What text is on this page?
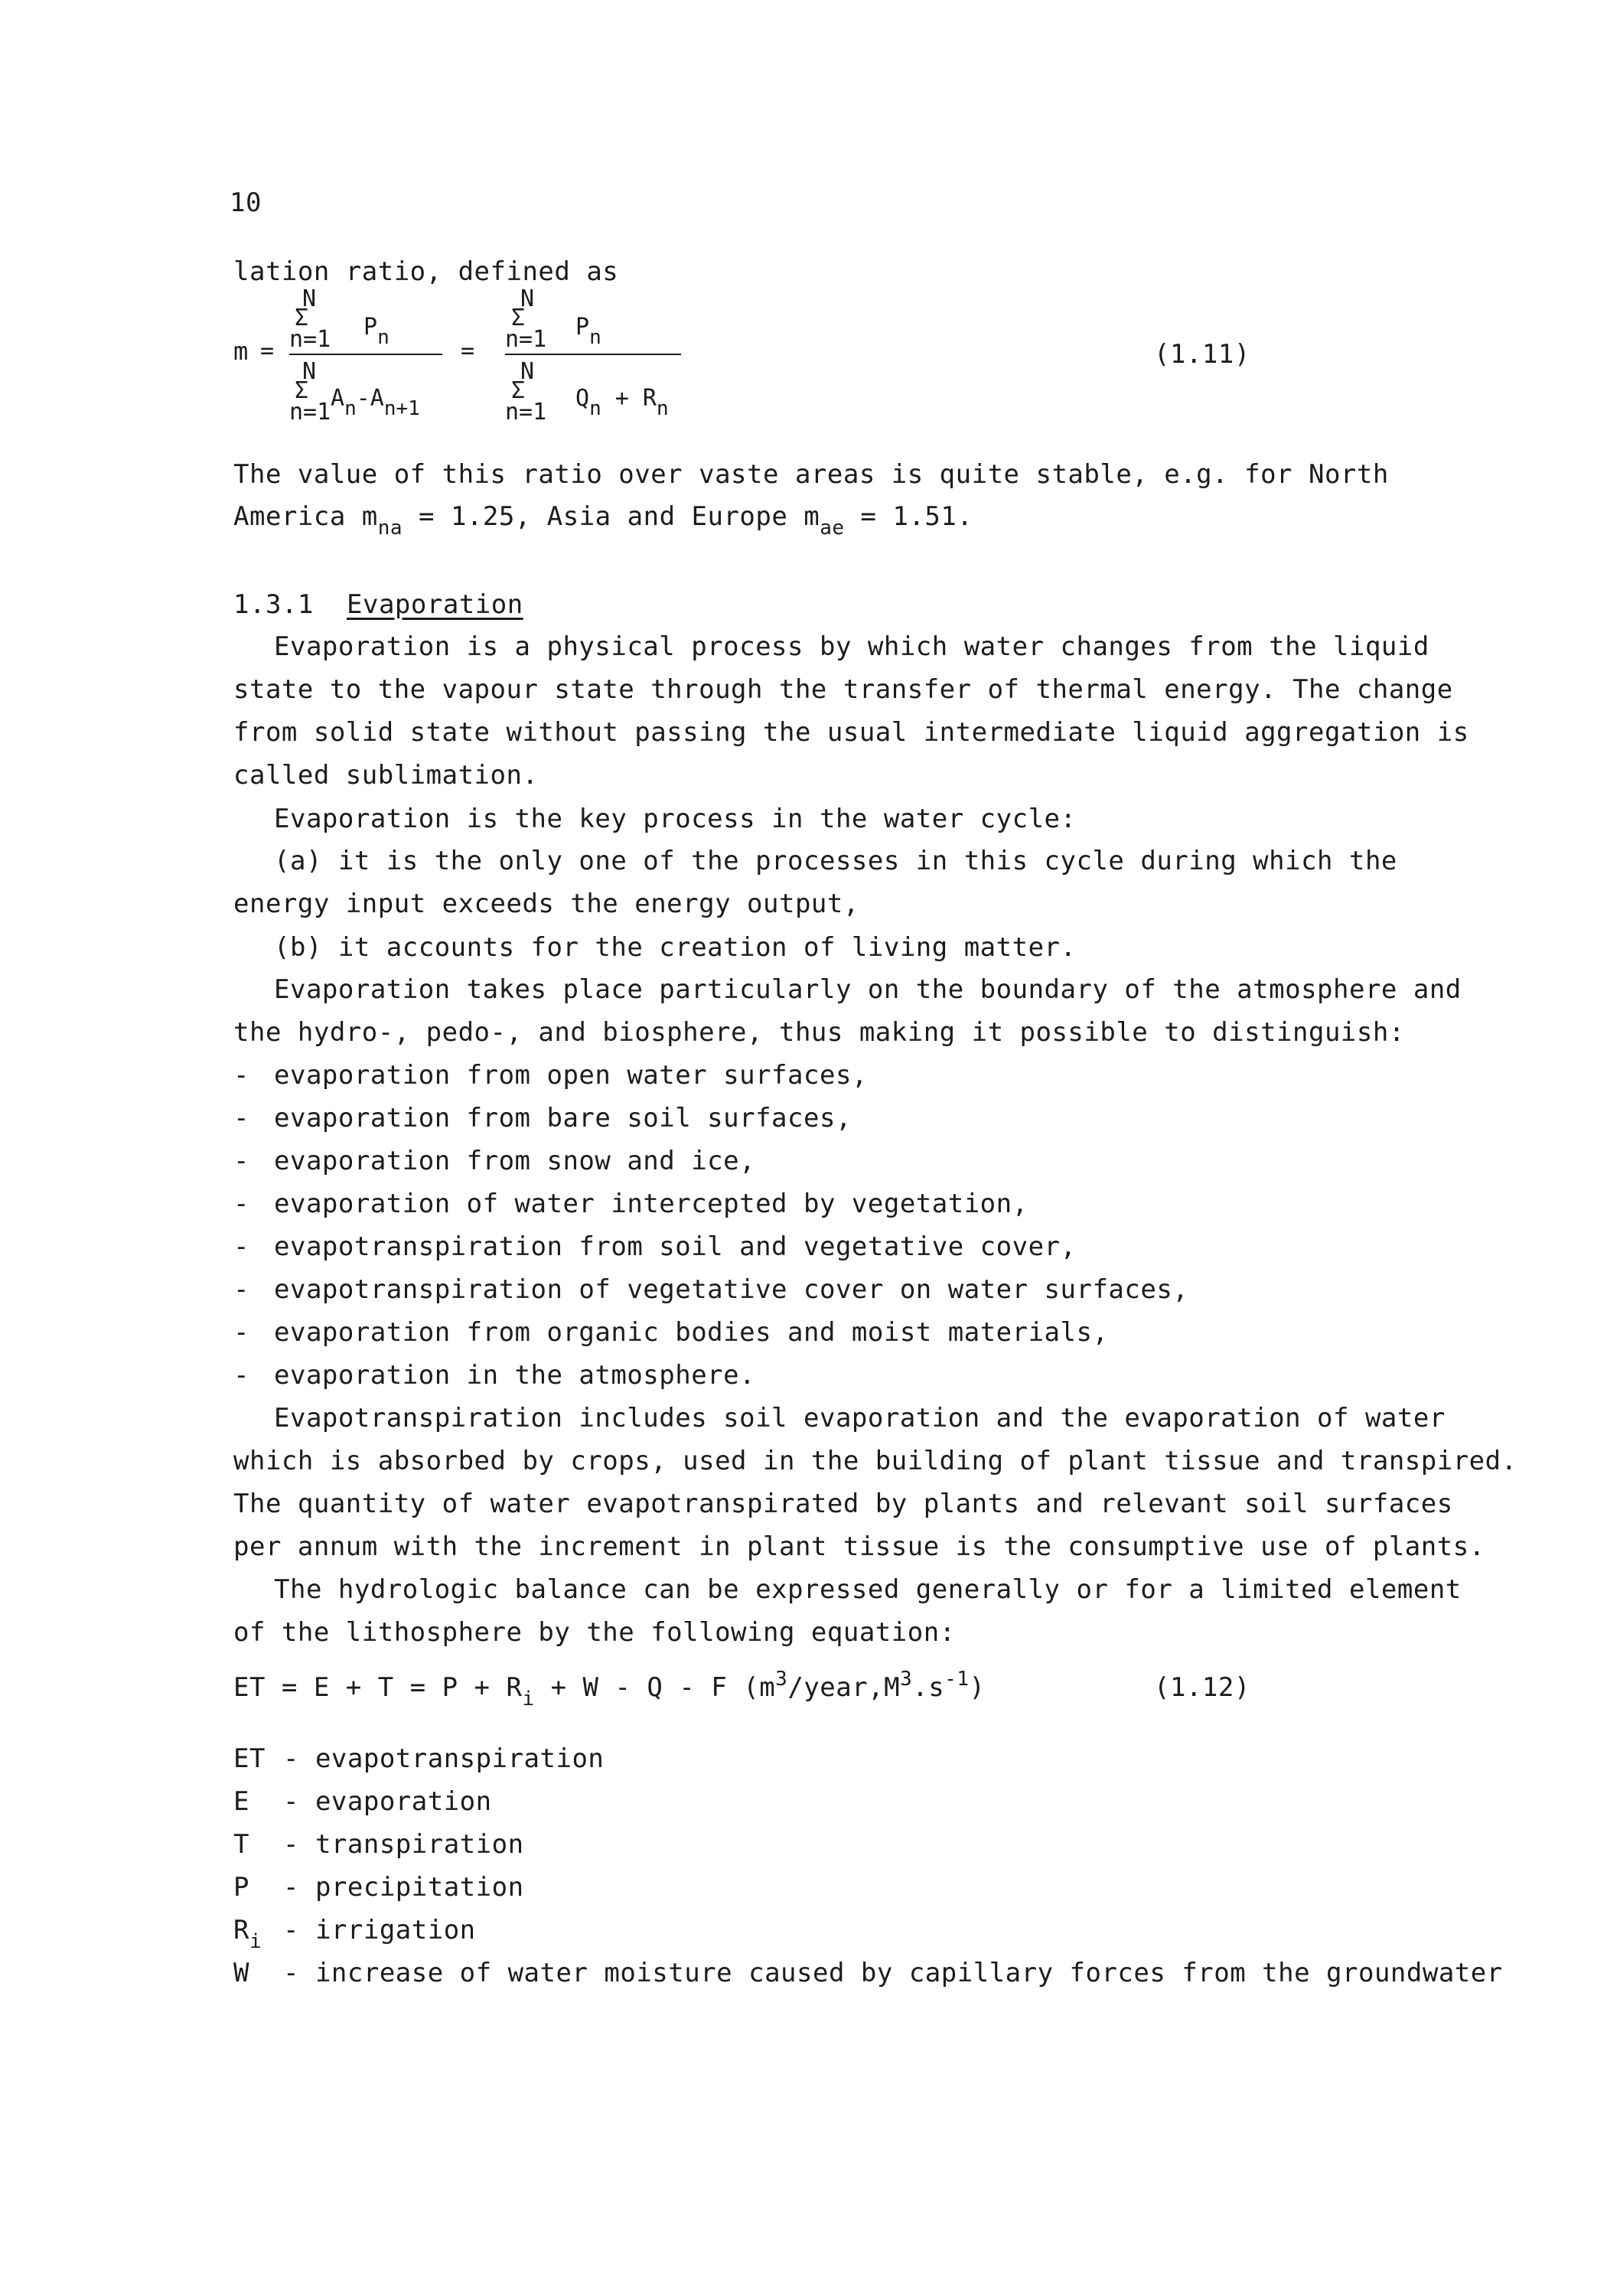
10
lation ratio, defined as
m =
N
Σ
n=1 Pn
N
Σ
n=1
An-An+1
=
N
Σ
n=1 Pn
N
Σ
n=1
Qn + Rn
(1.11)
The value of this ratio over vaste areas is quite stable, e.g. for North
America $m_{na} = 1.25$, Asia and Europe $m_{ae} = 1.51$.
1.3.1 Evaporation
Evaporation is a physical process by which water changes from the liquid
state to the vapour state through the transfer of thermal energy. The change
from solid state without passing the usual intermediate liquid aggregation is
called sublimation.
Evaporation is the key process in the water cycle:
(a) it is the only one of the processes in this cycle during which the
energy input exceeds the energy output,
(b) it accounts for the creation of living matter.
Evaporation takes place particularly on the boundary of the atmosphere and
the hydro-, pedo-, and biosphere, thus making it possible to distinguish:
- evaporation from open water surfaces,
- evaporation from bare soil surfaces,
- evaporation from snow and ice,
- evaporation of water intercepted by vegetation,
- evapotranspiration from soil and vegetative cover,
- evapotranspiration of vegetative cover on water surfaces,
- evaporation from organic bodies and moist materials,
- evaporation in the atmosphere.
Evapotranspiration includes soil evaporation and the evaporation of water
which is absorbed by crops, used in the building of plant tissue and transpired.
The quantity of water evapotranspirated by plants and relevant soil surfaces
per annum with the increment in plant tissue is the consumptive use of plants.
The hydrologic balance can be expressed generally or for a limited element
of the lithosphere by the following equation:
ET = $E + T = P + R_i + W - Q - F$ $(m^3/year,M^3.s^{-1})$	(1.12)
ET - evapotranspiration
E - evaporation
T - transpiration
P - precipitation
$R_i$ - irrigation
W - increase of water moisture caused by capillary forces from the groundwater
